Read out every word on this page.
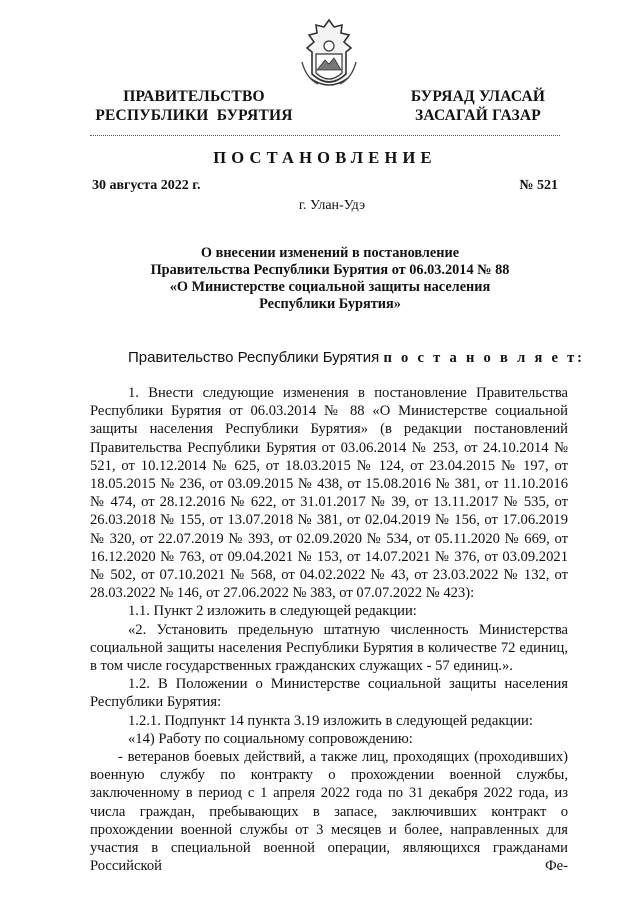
ПРАВИТЕЛЬСТВО
РЕСПУБЛИКИ  БУРЯТИЯ
БУРЯАД УЛАСАЙ
ЗАСАГАЙ ГАЗАР
ПОСТАНОВЛЕНИЕ
30 августа 2022 г.	№ 521
г. Улан-Удэ
О внесении изменений в постановление
Правительства Республики Бурятия от 06.03.2014 № 88
«О Министерстве социальной защиты населения
Республики Бурятия»
Правительство Республики Бурятия п о с т а н о в л я е т:

1. Внести следующие изменения в постановление Правительства Республики Бурятия от 06.03.2014 № 88 «О Министерстве социальной защиты населения Республики Бурятия» (в редакции постановлений Правительства Республики Бурятия от 03.06.2014 № 253, от 24.10.2014 № 521, от 10.12.2014 № 625, от 18.03.2015 № 124, от 23.04.2015 № 197, от 18.05.2015 № 236, от 03.09.2015 № 438, от 15.08.2016 № 381, от 11.10.2016 № 474, от 28.12.2016 № 622, от 31.01.2017 № 39, от 13.11.2017 № 535, от 26.03.2018 № 155, от 13.07.2018 № 381, от 02.04.2019 № 156, от 17.06.2019 № 320, от 22.07.2019 № 393, от 02.09.2020 № 534, от 05.11.2020 № 669, от 16.12.2020 № 763, от 09.04.2021 № 153, от 14.07.2021 № 376, от 03.09.2021 № 502, от 07.10.2021 № 568, от 04.02.2022 № 43, от 23.03.2022 № 132, от 28.03.2022 № 146, от 27.06.2022 № 383, от 07.07.2022 № 423):

1.1. Пункт 2 изложить в следующей редакции:

«2. Установить предельную штатную численность Министерства социальной защиты населения Республики Бурятия в количестве 72 единиц, в том числе государственных гражданских служащих - 57 единиц.».

1.2. В Положении о Министерстве социальной защиты населения Республики Бурятия:

1.2.1. Подпункт 14 пункта 3.19 изложить в следующей редакции:

«14) Работу по социальному сопровождению:

- ветеранов боевых действий, а также лиц, проходящих (проходивших) военную службу по контракту о прохождении военной службы, заключенному в период с 1 апреля 2022 года по 31 декабря 2022 года, из числа граждан, пребывающих в запасе, заключивших контракт о прохождении военной службы от 3 месяцев и более, направленных для участия в специальной военной операции, являющихся гражданами Российской Фе-
